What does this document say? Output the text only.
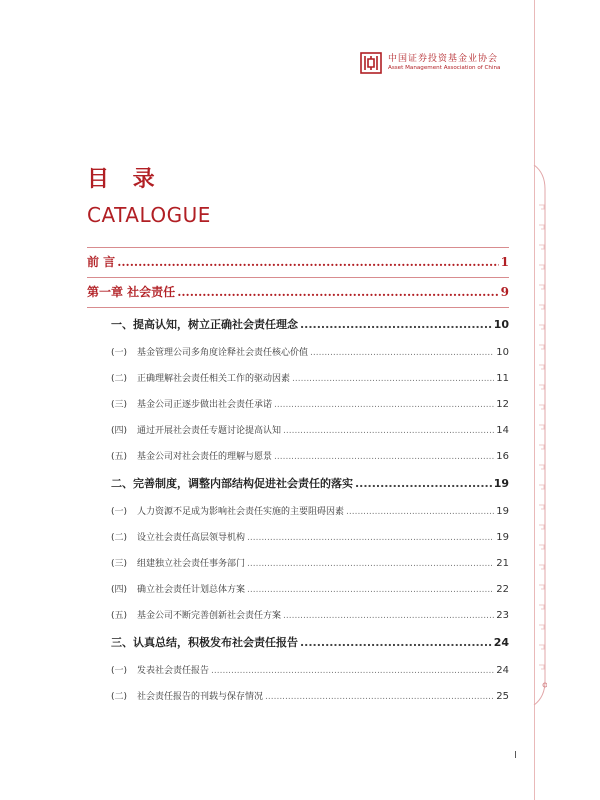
中国证券投资基金业协会
Asset Management Association of China
目 录
CATALOGUE
前 言 .....	1
第一章 社会责任 .....	9
一、提高认知，树立正确社会责任理念 .....	10
(一) 基金管理公司多角度诠释社会责任核心价值 .....	10
(二) 正确理解社会责任相关工作的驱动因素 .....	11
(三) 基金公司正逐步做出社会责任承诺 .....	12
(四) 通过开展社会责任专题讨论提高认知 .....	14
(五) 基金公司对社会责任的理解与愿景 .....	16
二、完善制度，调整内部结构促进社会责任的落实 .....	19
(一) 人力资源不足成为影响社会责任实施的主要阻碍因素 .....	19
(二) 设立社会责任高层领导机构 .....	19
(三) 组建独立社会责任事务部门 .....	21
(四) 确立社会责任计划总体方案 .....	22
(五) 基金公司不断完善创新社会责任方案 .....	23
三、认真总结，积极发布社会责任报告 .....	24
(一) 发表社会责任报告 .....	24
(二) 社会责任报告的刊载与保存情况 .....	25
I
